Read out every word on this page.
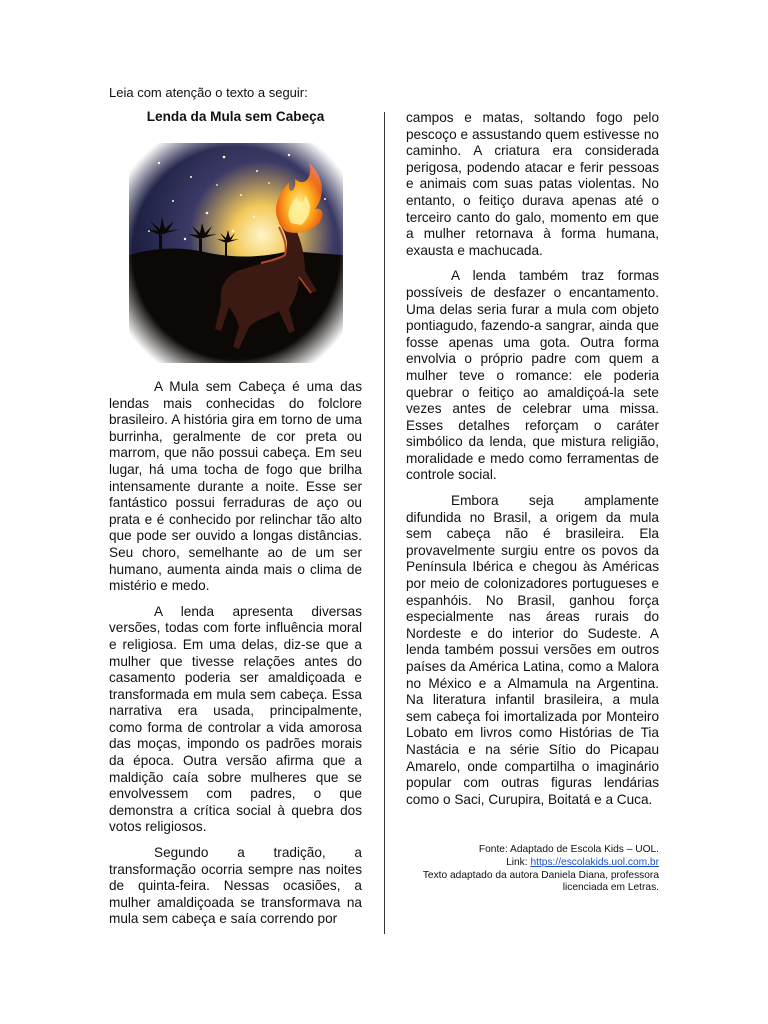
Leia com atenção o texto a seguir:

Lenda da Mula sem Cabeça

A Mula sem Cabeça é uma das lendas mais conhecidas do folclore brasileiro. A história gira em torno de uma burrinha, geralmente de cor preta ou marrom, que não possui cabeça. Em seu lugar, há uma tocha de fogo que brilha intensamente durante a noite. Esse ser fantástico possui ferraduras de aço ou prata e é conhecido por relinchar tão alto que pode ser ouvido a longas distâncias. Seu choro, semelhante ao de um ser humano, aumenta ainda mais o clima de mistério e medo.

A lenda apresenta diversas versões, todas com forte influência moral e religiosa. Em uma delas, diz-se que a mulher que tivesse relações antes do casamento poderia ser amaldiçoada e transformada em mula sem cabeça. Essa narrativa era usada, principalmente, como forma de controlar a vida amorosa das moças, impondo os padrões morais da época. Outra versão afirma que a maldição caía sobre mulheres que se envolvessem com padres, o que demonstra a crítica social à quebra dos votos religiosos.

Segundo a tradição, a transformação ocorria sempre nas noites de quinta-feira. Nessas ocasiões, a mulher amaldiçoada se transformava na mula sem cabeça e saía correndo por

campos e matas, soltando fogo pelo pescoço e assustando quem estivesse no caminho. A criatura era considerada perigosa, podendo atacar e ferir pessoas e animais com suas patas violentas. No entanto, o feitiço durava apenas até o terceiro canto do galo, momento em que a mulher retornava à forma humana, exausta e machucada.

A lenda também traz formas possíveis de desfazer o encantamento. Uma delas seria furar a mula com objeto pontiagudo, fazendo-a sangrar, ainda que fosse apenas uma gota. Outra forma envolvia o próprio padre com quem a mulher teve o romance: ele poderia quebrar o feitiço ao amaldiçoá-la sete vezes antes de celebrar uma missa. Esses detalhes reforçam o caráter simbólico da lenda, que mistura religião, moralidade e medo como ferramentas de controle social.

Embora seja amplamente difundida no Brasil, a origem da mula sem cabeça não é brasileira. Ela provavelmente surgiu entre os povos da Península Ibérica e chegou às Américas por meio de colonizadores portugueses e espanhóis. No Brasil, ganhou força especialmente nas áreas rurais do Nordeste e do interior do Sudeste. A lenda também possui versões em outros países da América Latina, como a Malora no México e a Almamula na Argentina. Na literatura infantil brasileira, a mula sem cabeça foi imortalizada por Monteiro Lobato em livros como Histórias de Tia Nastácia e na série Sítio do Picapau Amarelo, onde compartilha o imaginário popular com outras figuras lendárias como o Saci, Curupira, Boitatá e a Cuca.

Fonte: Adaptado de Escola Kids – UOL.
Link: https://escolakids.uol.com.br
Texto adaptado da autora Daniela Diana, professora
licenciada em Letras.
